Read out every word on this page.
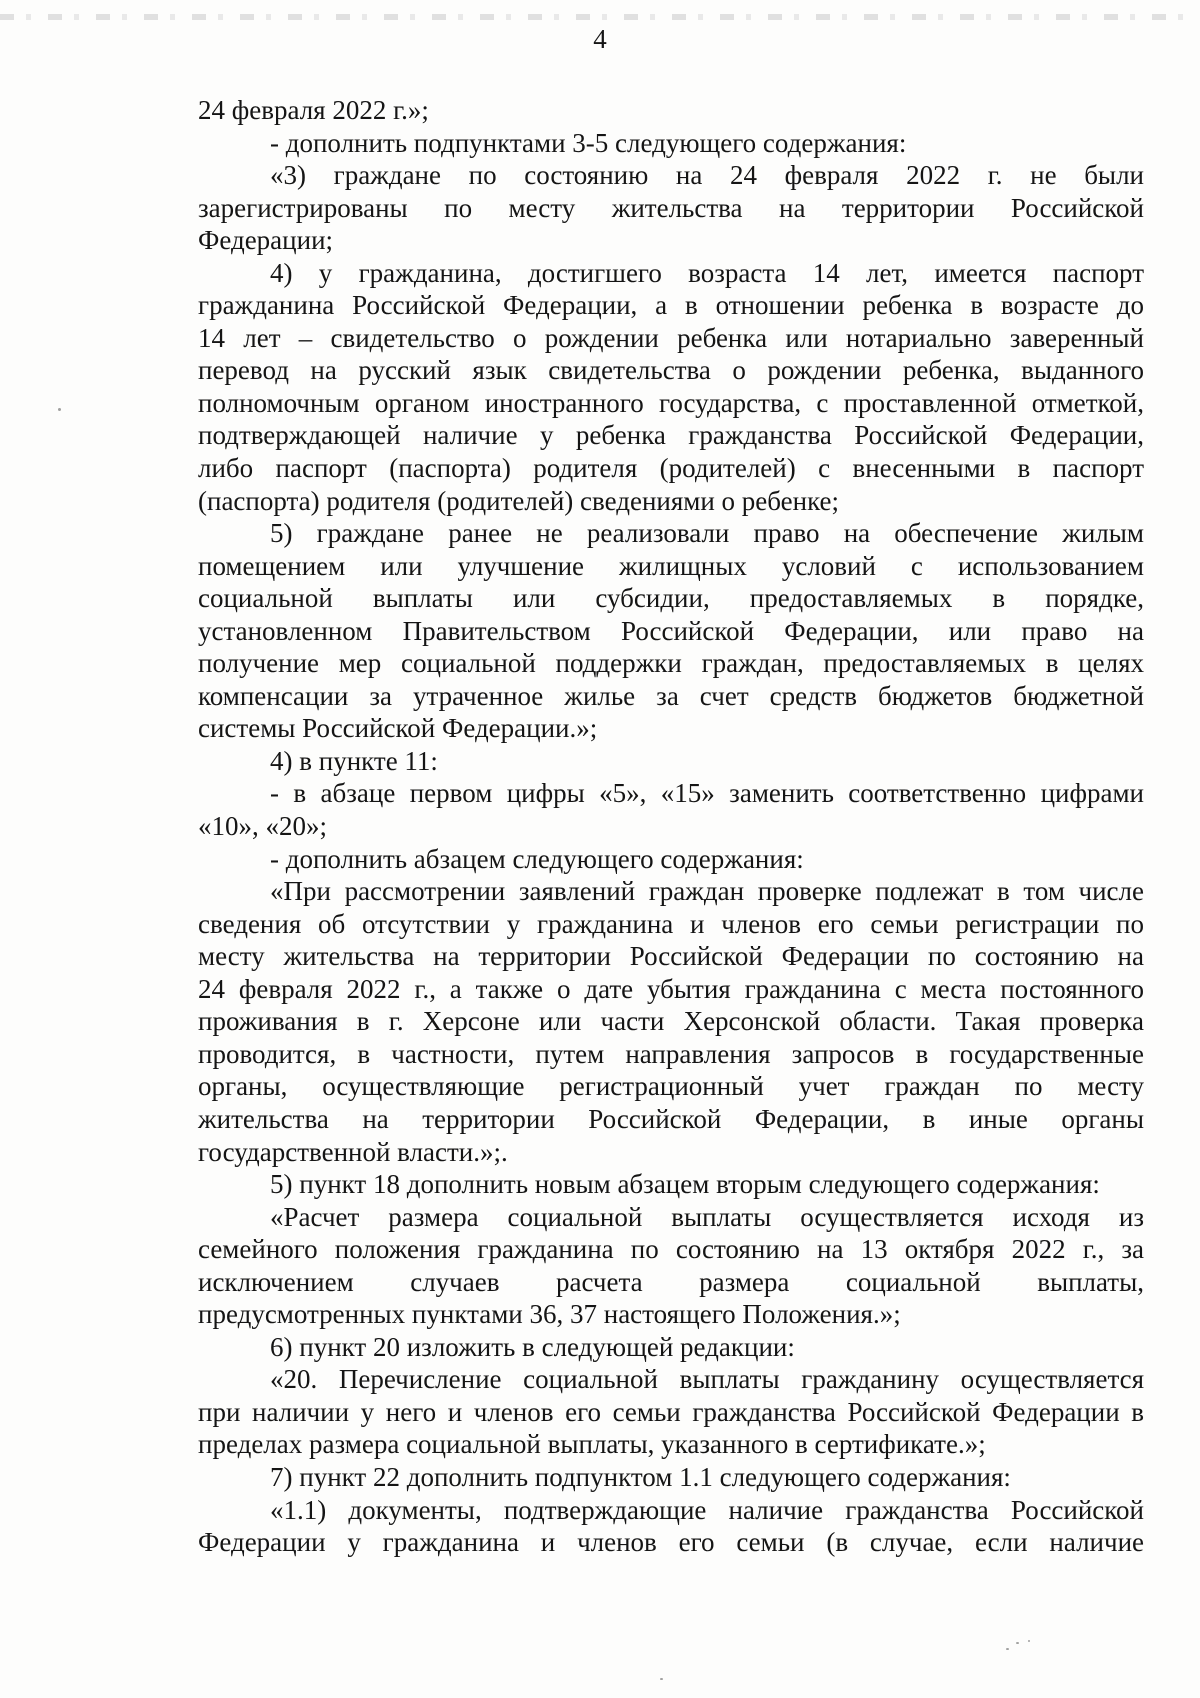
4
24 февраля 2022 г.»;
- дополнить подпунктами 3-5 следующего содержания:
«3) граждане по состоянию на 24 февраля 2022 г. не были
зарегистрированы по месту жительства на территории Российской
Федерации;
4) у гражданина, достигшего возраста 14 лет, имеется паспорт
гражданина Российской Федерации, а в отношении ребенка в возрасте до
14 лет – свидетельство о рождении ребенка или нотариально заверенный
перевод на русский язык свидетельства о рождении ребенка, выданного
полномочным органом иностранного государства, с проставленной отметкой,
подтверждающей наличие у ребенка гражданства Российской Федерации,
либо паспорт (паспорта) родителя (родителей) с внесенными в паспорт
(паспорта) родителя (родителей) сведениями о ребенке;
5) граждане ранее не реализовали право на обеспечение жилым
помещением или улучшение жилищных условий с использованием
социальной выплаты или субсидии, предоставляемых в порядке,
установленном Правительством Российской Федерации, или право на
получение мер социальной поддержки граждан, предоставляемых в целях
компенсации за утраченное жилье за счет средств бюджетов бюджетной
системы Российской Федерации.»;
4) в пункте 11:
- в абзаце первом цифры «5», «15» заменить соответственно цифрами
«10», «20»;
- дополнить абзацем следующего содержания:
«При рассмотрении заявлений граждан проверке подлежат в том числе
сведения об отсутствии у гражданина и членов его семьи регистрации по
месту жительства на территории Российской Федерации по состоянию на
24 февраля 2022 г., а также о дате убытия гражданина с места постоянного
проживания в г. Херсоне или части Херсонской области. Такая проверка
проводится, в частности, путем направления запросов в государственные
органы, осуществляющие регистрационный учет граждан по месту
жительства на территории Российской Федерации, в иные органы
государственной власти.»;.
5) пункт 18 дополнить новым абзацем вторым следующего содержания:
«Расчет размера социальной выплаты осуществляется исходя из
семейного положения гражданина по состоянию на 13 октября 2022 г., за
исключением случаев расчета размера социальной выплаты,
предусмотренных пунктами 36, 37 настоящего Положения.»;
6) пункт 20 изложить в следующей редакции:
«20. Перечисление социальной выплаты гражданину осуществляется
при наличии у него и членов его семьи гражданства Российской Федерации в
пределах размера социальной выплаты, указанного в сертификате.»;
7) пункт 22 дополнить подпунктом 1.1 следующего содержания:
«1.1) документы, подтверждающие наличие гражданства Российской
Федерации у гражданина и членов его семьи (в случае, если наличие
